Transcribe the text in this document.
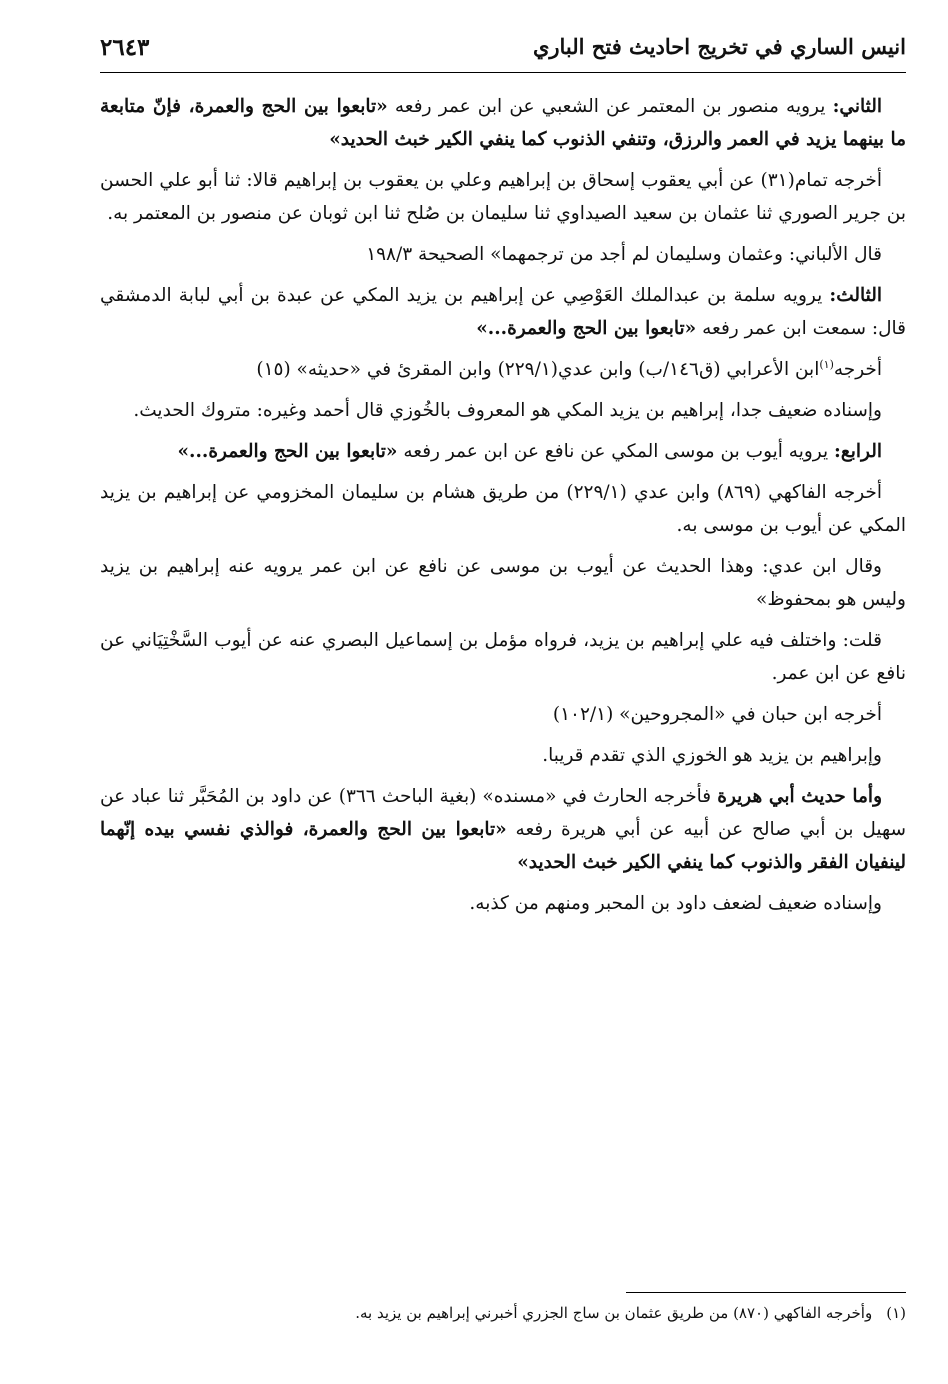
انيس الساري في تخريج احاديث فتح الباري
٢٦٤٣

الثاني: يرويه منصور بن المعتمر عن الشعبي عن ابن عمر رفعه «تابعوا بين الحج والعمرة، فإنّ متابعة ما بينهما يزيد في العمر والرزق، وتنفي الذنوب كما ينفي الكير خبث الحديد»

أخرجه تمام(٣١) عن أبي يعقوب إسحاق بن إبراهيم وعلي بن يعقوب بن إبراهيم قالا: ثنا أبو علي الحسن بن جرير الصوري ثنا عثمان بن سعيد الصيداوي ثنا سليمان بن صُلح ثنا ابن ثوبان عن منصور بن المعتمر به.

قال الألباني: وعثمان وسليمان لم أجد من ترجمهما» الصحيحة ١٩٨/٣

الثالث: يرويه سلمة بن عبدالملك العَوْصِي عن إبراهيم بن يزيد المكي عن عبدة بن أبي لبابة الدمشقي قال: سمعت ابن عمر رفعه «تابعوا بين الحج والعمرة...»

أخرجه$^{(١)}$ابن الأعرابي (ق١٤٦/ب) وابن عدي(٢٢٩/١) وابن المقرئ في «حديثه» (١٥)

وإسناده ضعيف جدا، إبراهيم بن يزيد المكي هو المعروف بالخُوزي قال أحمد وغيره: متروك الحديث.

الرابع: يرويه أيوب بن موسى المكي عن نافع عن ابن عمر رفعه «تابعوا بين الحج والعمرة...»

أخرجه الفاكهي (٨٦٩) وابن عدي (٢٢٩/١) من طريق هشام بن سليمان المخزومي عن إبراهيم بن يزيد المكي عن أيوب بن موسى به.

وقال ابن عدي: وهذا الحديث عن أيوب بن موسى عن نافع عن ابن عمر يرويه عنه إبراهيم بن يزيد وليس هو بمحفوظ»

قلت: واختلف فيه علي إبراهيم بن يزيد، فرواه مؤمل بن إسماعيل البصري عنه عن أيوب السَّخْتِيَاني عن نافع عن ابن عمر.

أخرجه ابن حبان في «المجروحين» (١٠٢/١)

وإبراهيم بن يزيد هو الخوزي الذي تقدم قريبا.

وأما حديث أبي هريرة فأخرجه الحارث في «مسنده» (بغية الباحث ٣٦٦) عن داود بن المُحَبَّر ثنا عباد عن سهيل بن أبي صالح عن أبيه عن أبي هريرة رفعه «تابعوا بين الحج والعمرة، فوالذي نفسي بيده إنّهما لينفيان الفقر والذنوب كما ينفي الكير خبث الحديد»

وإسناده ضعيف لضعف داود بن المحبر ومنهم من كذبه.

(١)وأخرجه الفاكهي (٨٧٠) من طريق عثمان بن ساج الجزري أخبرني إبراهيم بن يزيد به.
